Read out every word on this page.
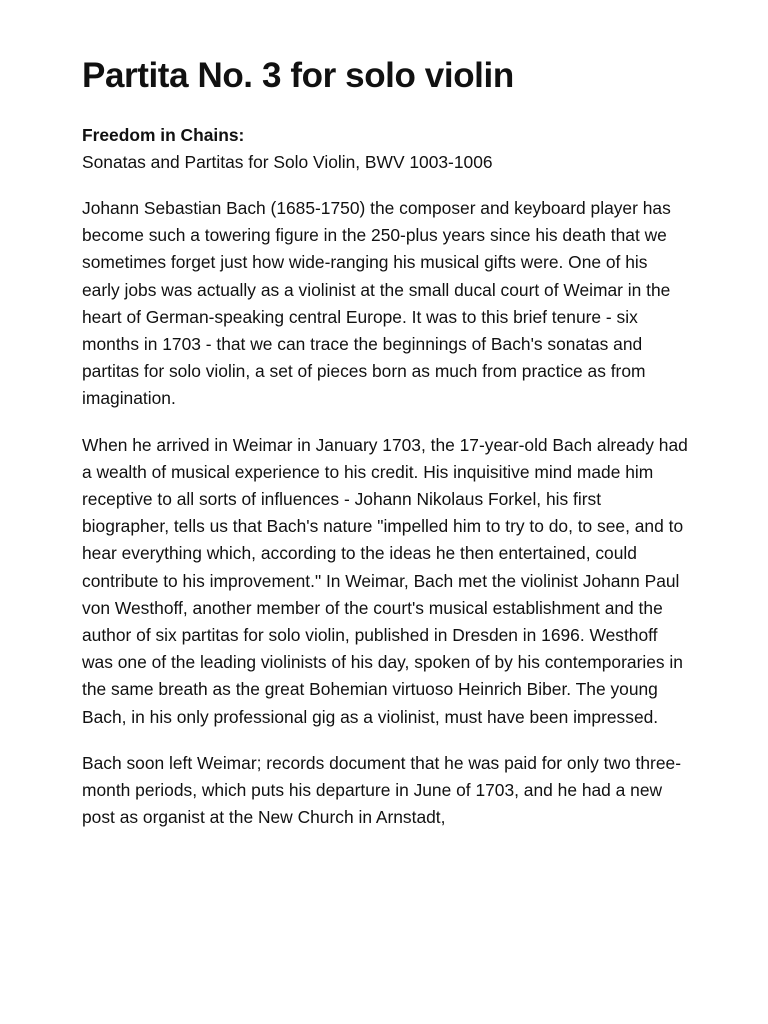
Partita No. 3 for solo violin
Freedom in Chains:
Sonatas and Partitas for Solo Violin, BWV 1003-1006

Johann Sebastian Bach (1685-1750) the composer and keyboard player has become such a towering figure in the 250-plus years since his death that we sometimes forget just how wide-ranging his musical gifts were. One of his early jobs was actually as a violinist at the small ducal court of Weimar in the heart of German-speaking central Europe. It was to this brief tenure - six months in 1703 - that we can trace the beginnings of Bach's sonatas and partitas for solo violin, a set of pieces born as much from practice as from imagination.

When he arrived in Weimar in January 1703, the 17-year-old Bach already had a wealth of musical experience to his credit. His inquisitive mind made him receptive to all sorts of influences - Johann Nikolaus Forkel, his first biographer, tells us that Bach's nature "impelled him to try to do, to see, and to hear everything which, according to the ideas he then entertained, could contribute to his improvement." In Weimar, Bach met the violinist Johann Paul von Westhoff, another member of the court's musical establishment and the author of six partitas for solo violin, published in Dresden in 1696. Westhoff was one of the leading violinists of his day, spoken of by his contemporaries in the same breath as the great Bohemian virtuoso Heinrich Biber. The young Bach, in his only professional gig as a violinist, must have been impressed.

Bach soon left Weimar; records document that he was paid for only two three-month periods, which puts his departure in June of 1703, and he had a new post as organist at the New Church in Arnstadt,
